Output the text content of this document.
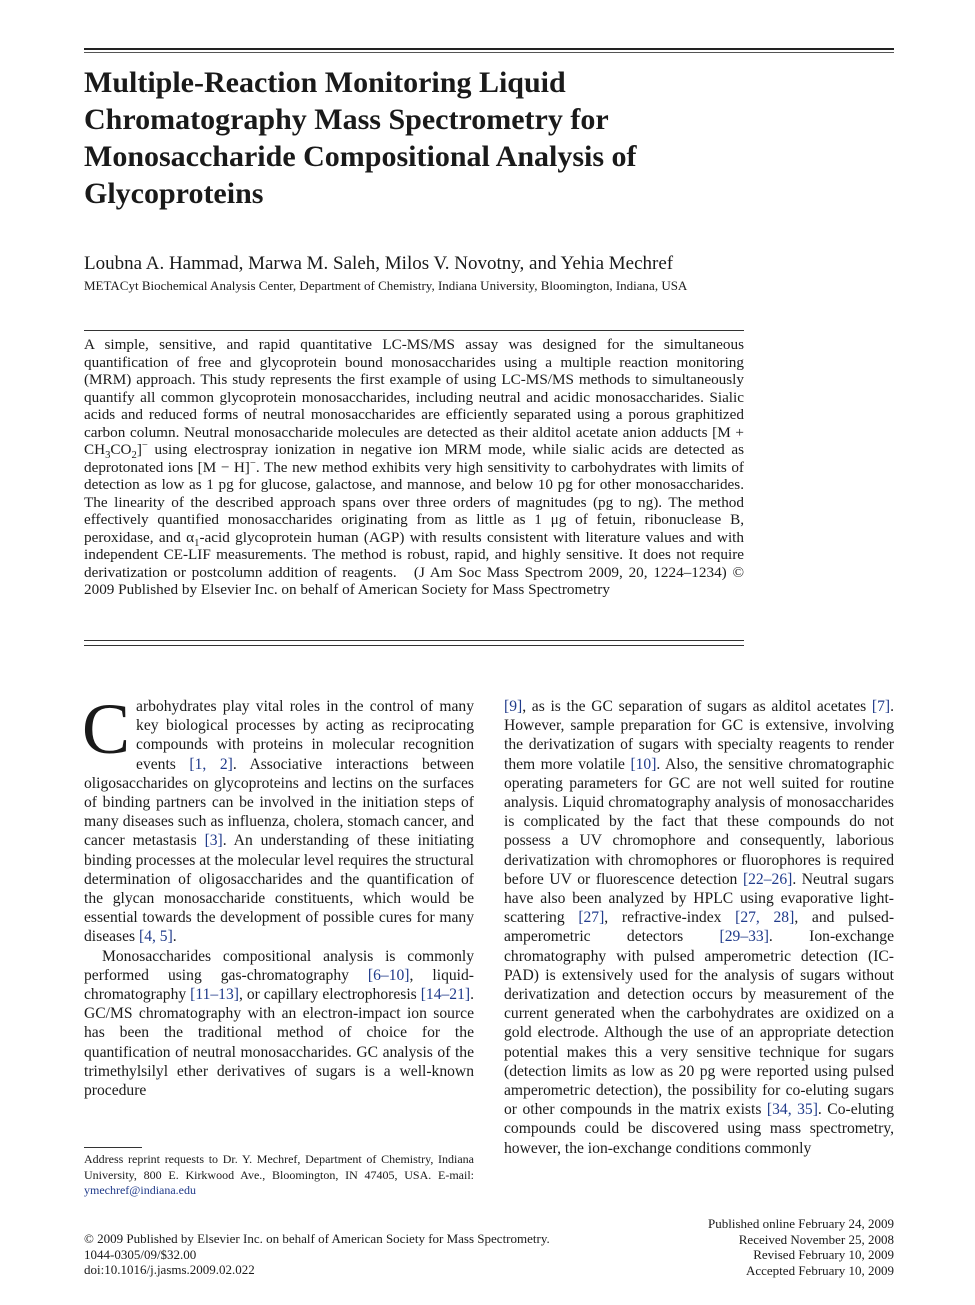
Multiple-Reaction Monitoring Liquid Chromatography Mass Spectrometry for Monosaccharide Compositional Analysis of Glycoproteins
Loubna A. Hammad, Marwa M. Saleh, Milos V. Novotny, and Yehia Mechref
METACyt Biochemical Analysis Center, Department of Chemistry, Indiana University, Bloomington, Indiana, USA
A simple, sensitive, and rapid quantitative LC-MS/MS assay was designed for the simultaneous quantification of free and glycoprotein bound monosaccharides using a multiple reaction monitoring (MRM) approach. This study represents the first example of using LC-MS/MS methods to simultaneously quantify all common glycoprotein monosaccharides, including neutral and acidic monosaccharides. Sialic acids and reduced forms of neutral monosaccharides are efficiently separated using a porous graphitized carbon column. Neutral monosaccharide molecules are detected as their alditol acetate anion adducts $[M + CH_3CO_2]^-$ using electrospray ionization in negative ion MRM mode, while sialic acids are detected as deprotonated ions [M − H]−. The new method exhibits very high sensitivity to carbohydrates with limits of detection as low as 1 pg for glucose, galactose, and mannose, and below 10 pg for other monosaccharides. The linearity of the described approach spans over three orders of magnitudes (pg to ng). The method effectively quantified monosaccharides originating from as little as 1 μg of fetuin, ribonuclease B, peroxidase, and $\alpha_1$-acid glycoprotein human (AGP) with results consistent with literature values and with independent CE-LIF measurements. The method is robust, rapid, and highly sensitive. It does not require derivatization or postcolumn addition of reagents. (J Am Soc Mass Spectrom 2009, 20, 1224–1234) © 2009 Published by Elsevier Inc. on behalf of American Society for Mass Spectrometry

Carbohydrates play vital roles in the control of many key biological processes by acting as reciprocating compounds with proteins in molecular recognition events [1, 2]. Associative interactions between oligosaccharides on glycoproteins and lectins on the surfaces of binding partners can be involved in the initiation steps of many diseases such as influenza, cholera, stomach cancer, and cancer metastasis [3]. An understanding of these initiating binding processes at the molecular level requires the structural determination of oligosaccharides and the quantification of the glycan monosaccharide constituents, which would be essential towards the development of possible cures for many diseases [4, 5].

Monosaccharides compositional analysis is commonly performed using gas-chromatography [6–10], liquid-chromatography [11–13], or capillary electrophoresis [14–21]. GC/MS chromatography with an electron-impact ion source has been the traditional method of choice for the quantification of neutral monosaccharides. GC analysis of the trimethylsilyl ether derivatives of sugars is a well-known procedure

[9], as is the GC separation of sugars as alditol acetates [7]. However, sample preparation for GC is extensive, involving the derivatization of sugars with specialty reagents to render them more volatile [10]. Also, the sensitive chromatographic operating parameters for GC are not well suited for routine analysis. Liquid chromatography analysis of monosaccharides is complicated by the fact that these compounds do not possess a UV chromophore and consequently, laborious derivatization with chromophores or fluorophores is required before UV or fluorescence detection [22–26]. Neutral sugars have also been analyzed by HPLC using evaporative light-scattering [27], refractive-index [27, 28], and pulsed-amperometric detectors [29–33]. Ion-exchange chromatography with pulsed amperometric detection (IC-PAD) is extensively used for the analysis of sugars without derivatization and detection occurs by measurement of the current generated when the carbohydrates are oxidized on a gold electrode. Although the use of an appropriate detection potential makes this a very sensitive technique for sugars (detection limits as low as 20 pg were reported using pulsed amperometric detection), the possibility for co-eluting sugars or other compounds in the matrix exists [34, 35]. Co-eluting compounds could be discovered using mass spectrometry, however, the ion-exchange conditions commonly

Address reprint requests to Dr. Y. Mechref, Department of Chemistry, Indiana University, 800 E. Kirkwood Ave., Bloomington, IN 47405, USA. E-mail: ymechref@indiana.edu
© 2009 Published by Elsevier Inc. on behalf of American Society for Mass Spectrometry.
1044-0305/09/$32.00
doi:10.1016/j.jasms.2009.02.022
Published online February 24, 2009
Received November 25, 2008
Revised February 10, 2009
Accepted February 10, 2009
